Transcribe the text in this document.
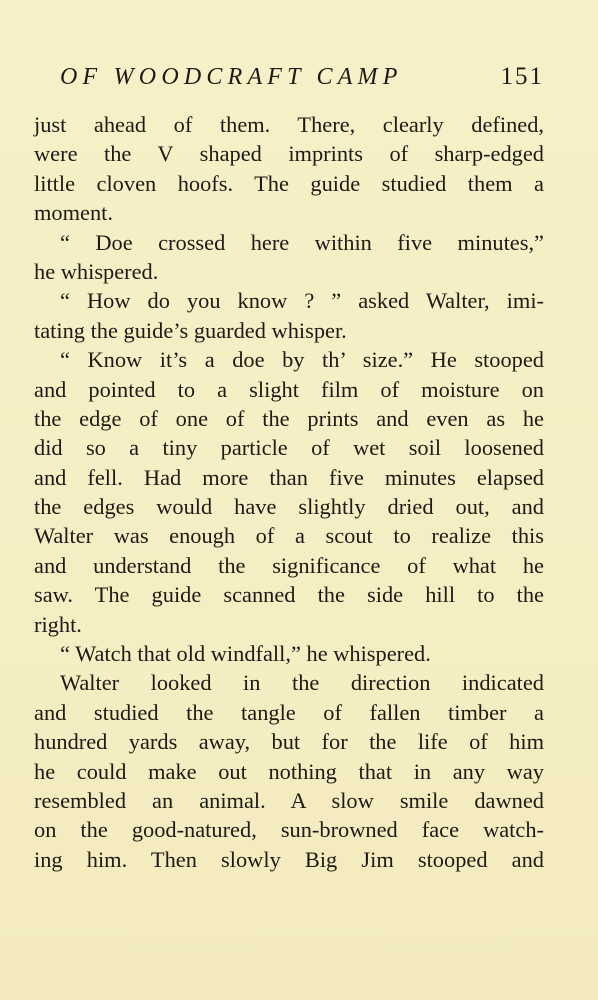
OF WOODCRAFT CAMP	151
just ahead of them. There, clearly defined,
were the V shaped imprints of sharp-edged
little cloven hoofs. The guide studied them a
moment.
“ Doe crossed here within five minutes,”
he whispered.
“ How do you know ? ” asked Walter, imi-
tating the guide’s guarded whisper.
“ Know it’s a doe by th’ size.” He stooped
and pointed to a slight film of moisture on
the edge of one of the prints and even as he
did so a tiny particle of wet soil loosened
and fell. Had more than five minutes elapsed
the edges would have slightly dried out, and
Walter was enough of a scout to realize this
and understand the significance of what he
saw. The guide scanned the side hill to the
right.
“ Watch that old windfall,” he whispered.
Walter looked in the direction indicated
and studied the tangle of fallen timber a
hundred yards away, but for the life of him
he could make out nothing that in any way
resembled an animal. A slow smile dawned
on the good-natured, sun-browned face watch-
ing him. Then slowly Big Jim stooped and
